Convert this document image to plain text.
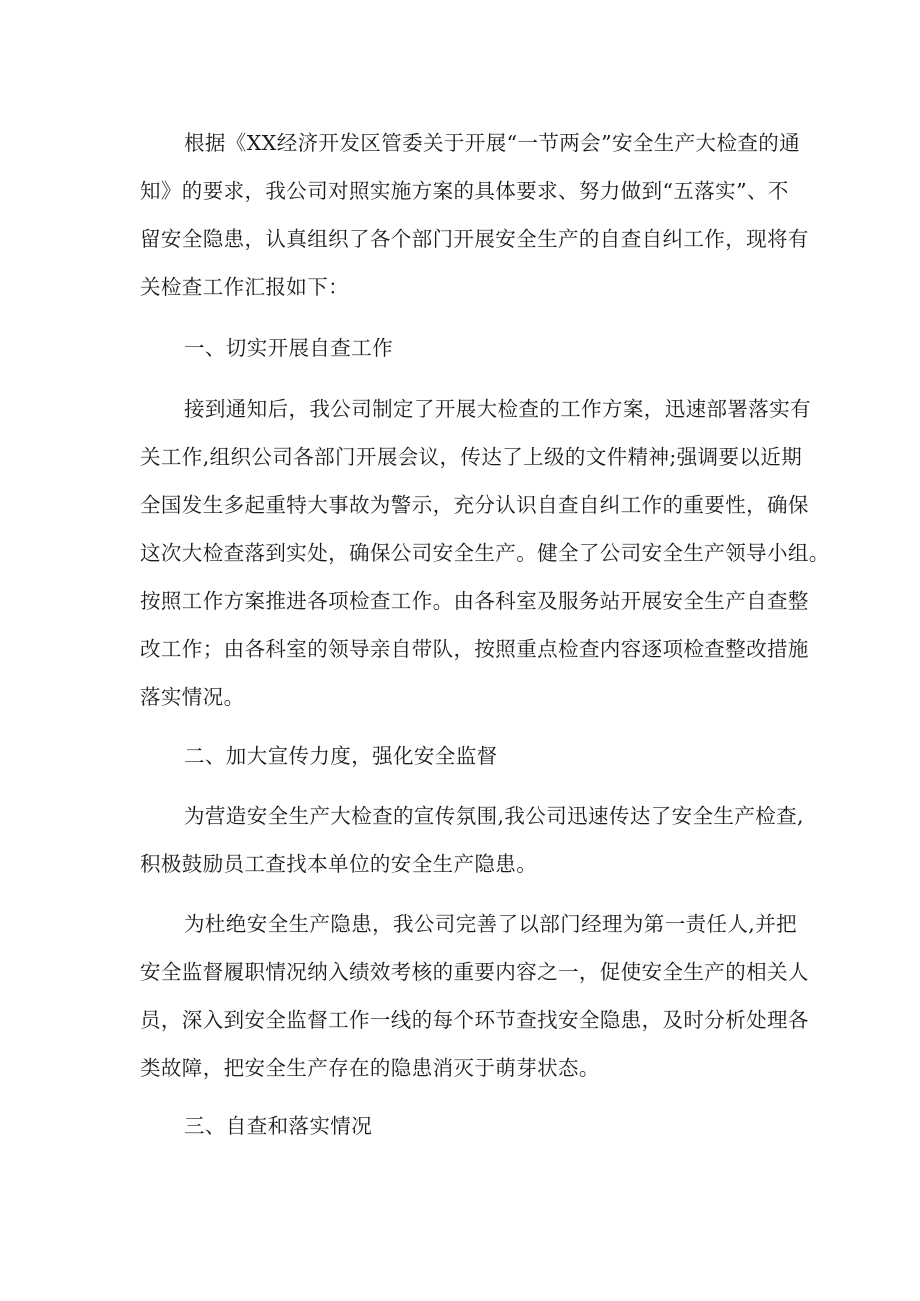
根据《XX经济开发区管委关于开展“一节两会”安全生产大检查的通
知》的要求，我公司对照实施方案的具体要求、努力做到“五落实”、不
留安全隐患，认真组织了各个部门开展安全生产的自查自纠工作，现将有
关检查工作汇报如下：
一、切实开展自查工作
接到通知后，我公司制定了开展大检查的工作方案，迅速部署落实有
关工作,组织公司各部门开展会议，传达了上级的文件精神;强调要以近期
全国发生多起重特大事故为警示，充分认识自查自纠工作的重要性，确保
这次大检查落到实处，确保公司安全生产。健全了公司安全生产领导小组。
按照工作方案推进各项检查工作。由各科室及服务站开展安全生产自查整
改工作；由各科室的领导亲自带队，按照重点检查内容逐项检查整改措施
落实情况。
二、加大宣传力度，强化安全监督
为营造安全生产大检查的宣传氛围,我公司迅速传达了安全生产检查,
积极鼓励员工查找本单位的安全生产隐患。
为杜绝安全生产隐患，我公司完善了以部门经理为第一责任人,并把
安全监督履职情况纳入绩效考核的重要内容之一，促使安全生产的相关人
员，深入到安全监督工作一线的每个环节查找安全隐患，及时分析处理各
类故障，把安全生产存在的隐患消灭于萌芽状态。
三、自查和落实情况
